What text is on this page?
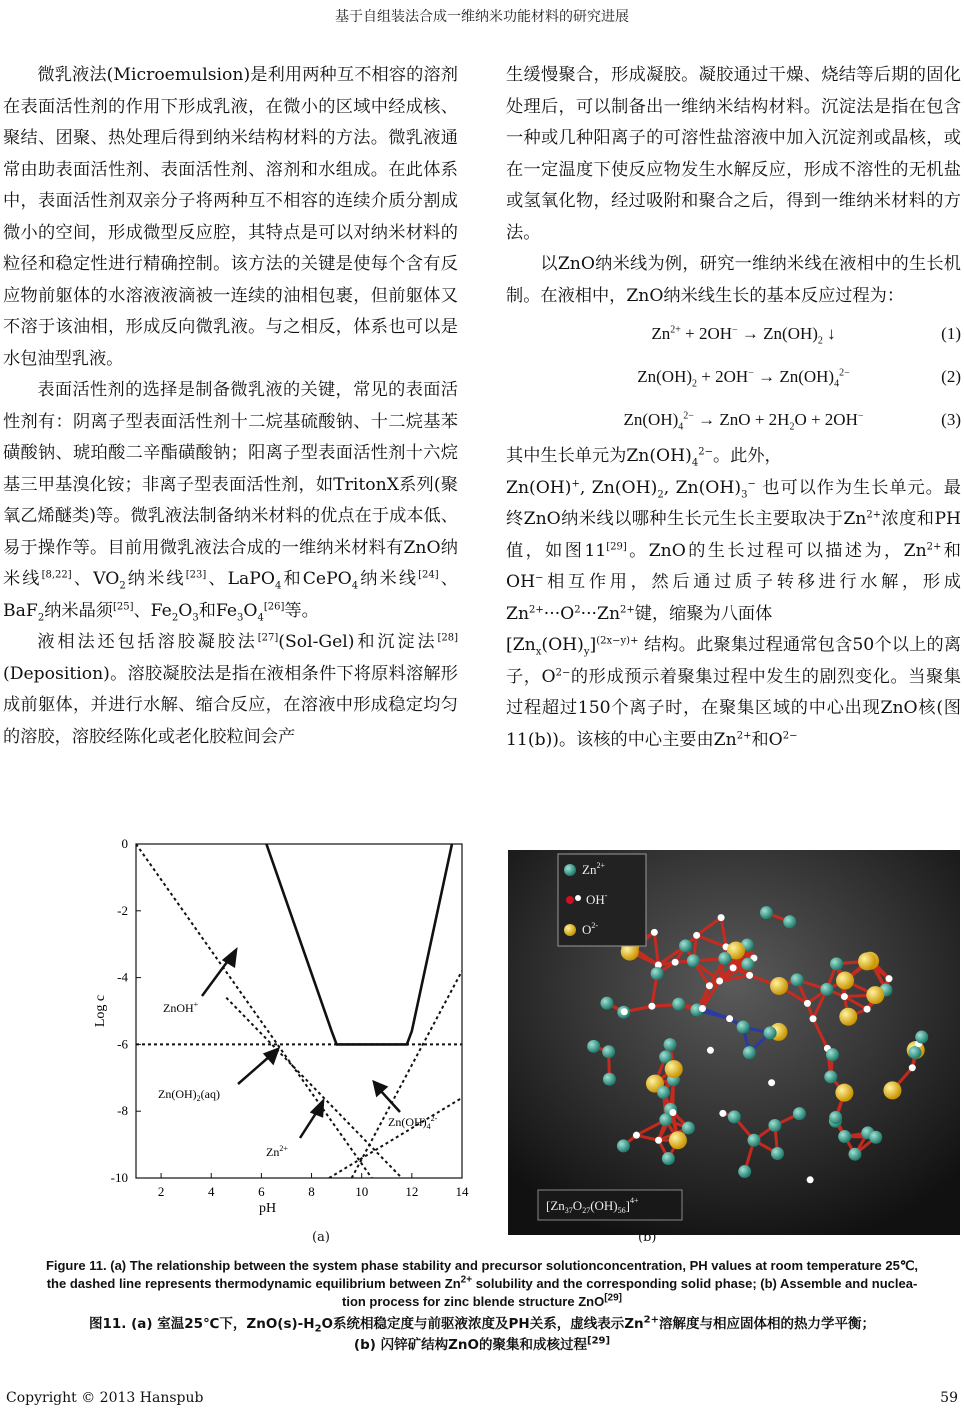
基于自组装法合成一维纳米功能材料的研究进展

微乳液法(Microemulsion)是利用两种互不相容的溶剂在表面活性剂的作用下形成乳液，在微小的区域中经成核、聚结、团聚、热处理后得到纳米结构材料的方法。微乳液通常由助表面活性剂、表面活性剂、溶剂和水组成。在此体系中，表面活性剂双亲分子将两种互不相容的连续介质分割成微小的空间，形成微型反应腔，其特点是可以对纳米材料的粒径和稳定性进行精确控制。该方法的关键是使每个含有反应物前躯体的水溶液液滴被一连续的油相包裹，但前躯体又不溶于该油相，形成反向微乳液。与之相反，体系也可以是水包油型乳液。

表面活性剂的选择是制备微乳液的关键，常见的表面活性剂有：阴离子型表面活性剂十二烷基硫酸钠、十二烷基苯磺酸钠、琥珀酸二辛酯磺酸钠；阳离子型表面活性剂十六烷基三甲基溴化铵；非离子型表面活性剂，如TritonX系列(聚氧乙烯醚类)等。微乳液法制备纳米材料的优点在于成本低、易于操作等。目前用微乳液法合成的一维纳米材料有ZnO纳米线[8,22]、$VO_2$纳米线[23]、LaPO$_4$和CePO$_4$纳米线[24]、BaF$_2$纳米晶须[25]、$Fe_2O_3$和$Fe_3O_4[26]$等。

液相法还包括溶胶凝胶法[27](Sol-Gel)和沉淀法[28](Deposition)。溶胶凝胶法是指在液相条件下将原料溶解形成前躯体，并进行水解、缩合反应，在溶液中形成稳定均匀的溶胶，溶胶经陈化或老化胶粒间会产

生缓慢聚合，形成凝胶。凝胶通过干燥、烧结等后期的固化处理后，可以制备出一维纳米结构材料。沉淀法是指在包含一种或几种阳离子的可溶性盐溶液中加入沉淀剂或晶核，或在一定温度下使反应物发生水解反应，形成不溶性的无机盐或氢氧化物，经过吸附和聚合之后，得到一维纳米材料的方法。

以ZnO纳米线为例，研究一维纳米线在液相中的生长机制。在液相中，ZnO纳米线生长的基本反应过程为：

$Zn^{2+} + 2OH^- \to Zn(OH)_2$ ↓	(1)
$Zn(OH)_2 + 2OH^- \to Zn(OH)_4^{2-}$	(2)
$Zn(OH)_4^{2-}$ → ZnO + $2H_2O + 2OH^-$	(3)

其中生长单元为$Zn(OH)_4^{2-}$。此外，
Zn(OH)+, $Zn(OH)_2$, $Zn(OH)_3^-$ 也可以作为生长单元。最终ZnO纳米线以哪种生长元生长主要取决于$Zn^{2+}$浓度和PH值，如图11[29]。ZnO的生长过程可以描述为，$Zn^{2+}$和OH−相互作用，然后通过质子转移进行水解，形成$Zn^{2+}\cdot\cdot\cdot O^2\cdot\cdot\cdot Zn^{2+}$键，缩聚为八面体
$[Zn_x(OH)_y]^{(2x-y)+}$ 结构。此聚集过程通常包含50个以上的离子，$O^{2-}$的形成预示着聚集过程中发生的剧烈变化。当聚集过程超过150个离子时，在聚集区域的中心出现ZnO核(图11(b))。该核的中心主要由$Zn^{2+}$和$O^{2-}$

2	4	6	8	10	12	14
0
-2
-4
-6
-8
-10
pH
Log c	ZnOH+
$Zn(OH)_2(aq)$
$Zn(OH)_4^{2-}$
$Zn^{2+}$
$Zn^{2+}$
OH-
$O^{2-}$
$[Zn_{37}O_{27}(OH)_{56}]^{4+}$
(a)	(b)
Figure 11. (a) The relationship between the system phase stability and precursor solutionconcentration, PH values at room temperature 25℃,
the dashed line represents thermodynamic equilibrium between $Zn^{2+}$ solubility and the corresponding solid phase; (b) Assemble and nuclea-
tion process for zinc blende structure ZnO[29]
图11. (a) 室温25℃下，$ZnO(s)-H_2O$系统相稳定度与前驱液浓度及PH关系，虚线表示$Zn^{2+}$溶解度与相应固体相的热力学平衡；
(b) 闪锌矿结构ZnO的聚集和成核过程[29]
Copyright © 2013 Hanspub	59
